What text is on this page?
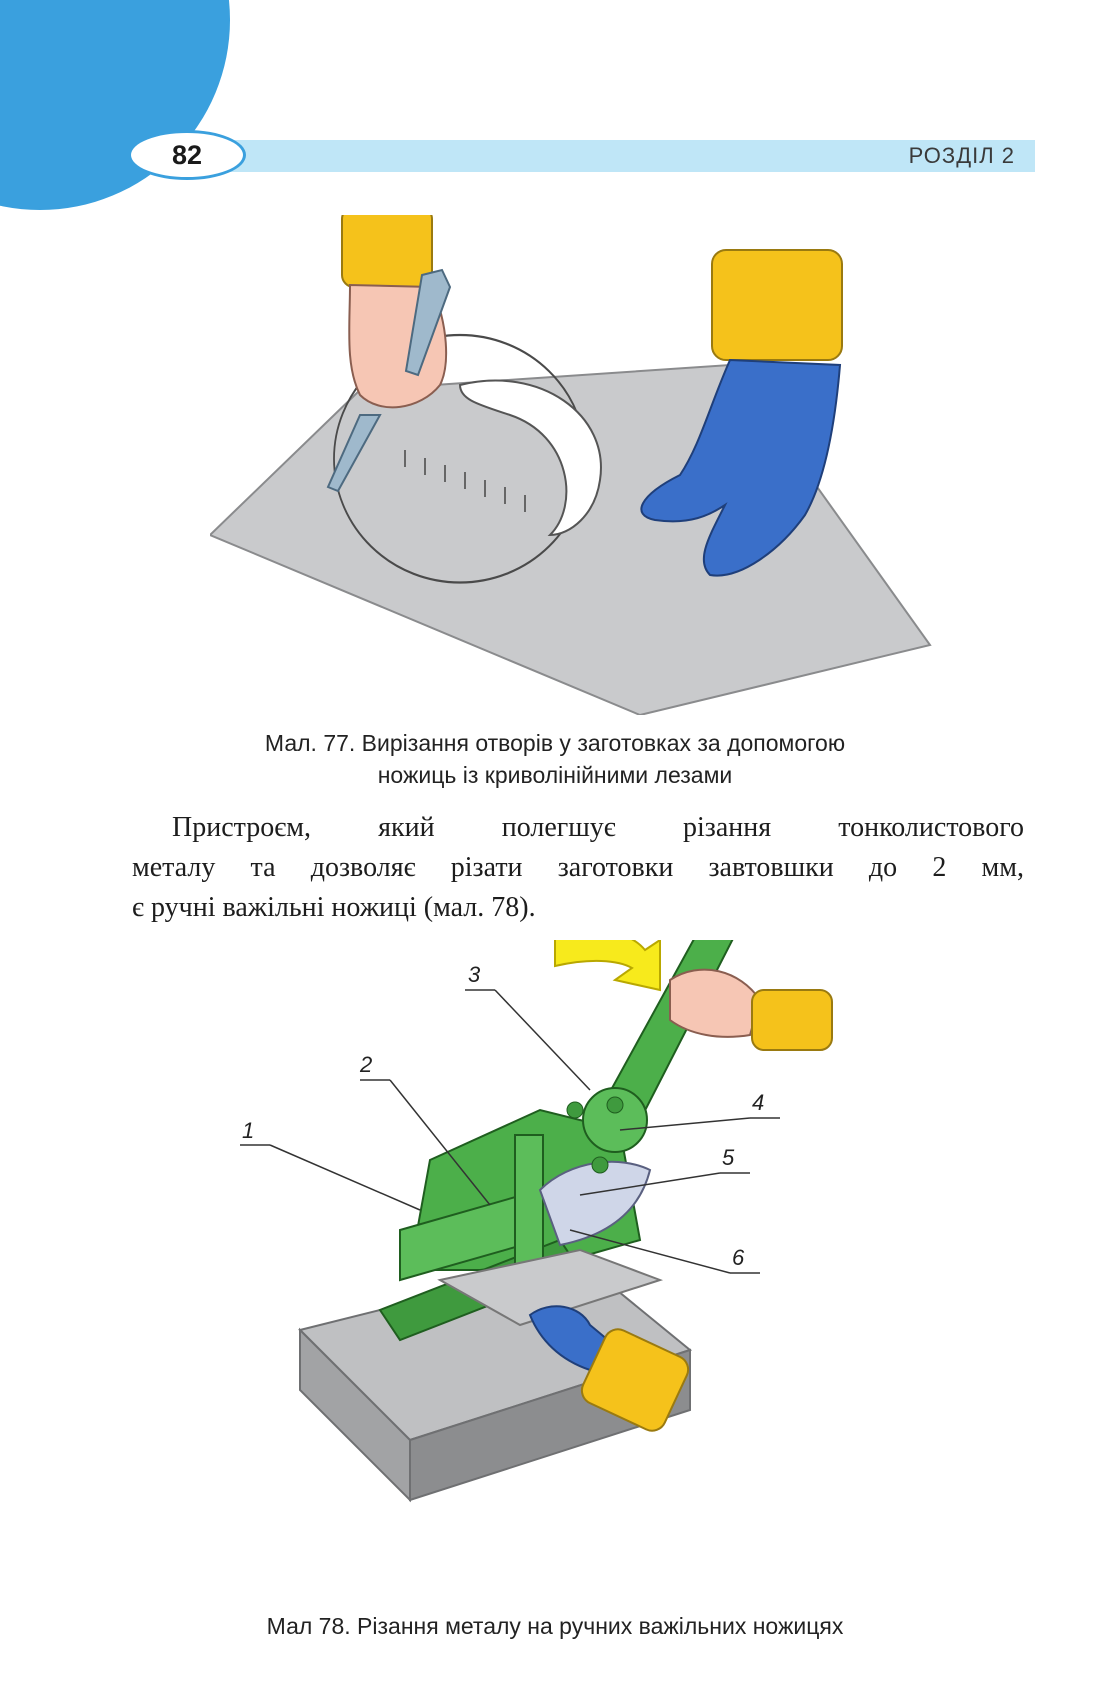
82	РОЗДІЛ 2
Мал. 77. Вирізання отворів у заготовках за допомогою
ножиць із криволінійними лезами
Пристроєм, який полегшує різання тонколистового
металу та дозволяє різати заготовки завтовшки до 2 мм,
є ручні важільні ножиці (мал. 78).
1
2
3
4
5
6
Мал 78. Різання металу на ручних важільних ножицях
